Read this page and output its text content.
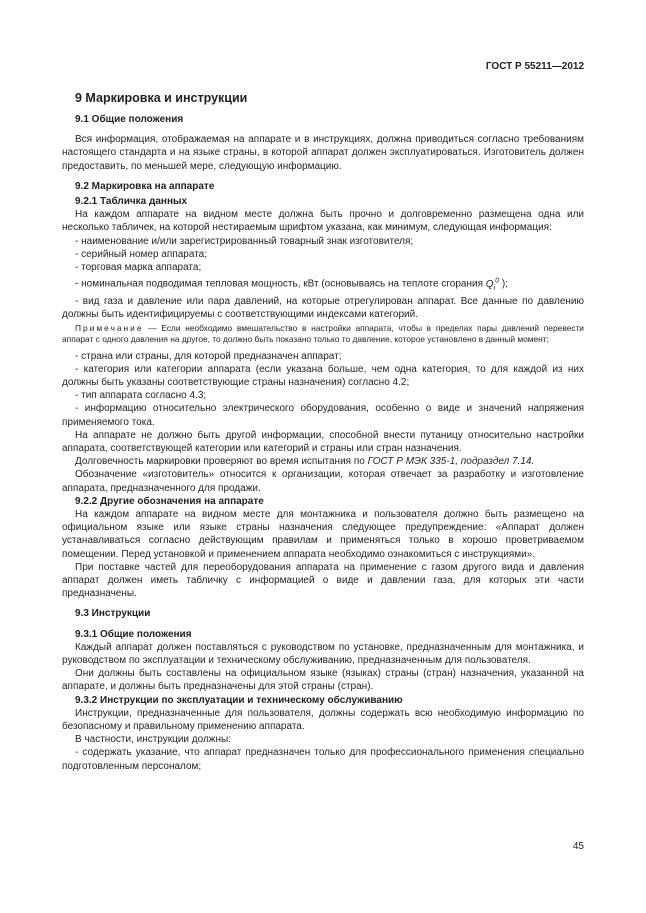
ГОСТ Р 55211—2012
9 Маркировка и инструкции
9.1 Общие положения

Вся информация, отображаемая на аппарате и в инструкциях, должна приводиться согласно требованиям настоящего стандарта и на языке страны, в которой аппарат должен эксплуатироваться. Изготовитель должен предоставить, по меньшей мере, следующую информацию.

9.2 Маркировка на аппарате
9.2.1 Табличка данных

На каждом аппарате на видном месте должна быть прочно и долговременно размещена одна или несколько табличек, на которой нестираемым шрифтом указана, как минимум, следующая информация:

- наименование и/или зарегистрированный товарный знак изготовителя;
- серийный номер аппарата;
- торговая марка аппарата;
- номинальная подводимая тепловая мощность, кВт (основываясь на теплоте сгорания $Q_i^0$ );
- вид газа и давление или пара давлений, на которые отрегулирован аппарат. Все данные по давлению должны быть идентифицируемы с соответствующими индексами категорий.

Примечание — Если необходимо вмешательство в настройки аппарата, чтобы в пределах пары давлений перевести аппарат с одного давления на другое, то должно быть показано только то давление, которое установлено в данный момент;

- страна или страны, для которой предназначен аппарат;
- категория или категории аппарата (если указана больше, чем одна категория, то для каждой из них должны быть указаны соответствующие страны назначения) согласно 4.2;
- тип аппарата согласно 4.3;
- информацию относительно электрического оборудования, особенно о виде и значений напряжения применяемого тока.

На аппарате не должно быть другой информации, способной внести путаницу относительно настройки аппарата, соответствующей категории или категорий и страны или стран назначения.

Долговечность маркировки проверяют во время испытания по ГОСТ Р МЭК 335-1, подраздел 7.14.

Обозначение «изготовитель» относится к организации, которая отвечает за разработку и изготовление аппарата, предназначенного для продажи.

9.2.2 Другие обозначения на аппарате

На каждом аппарате на видном месте для монтажника и пользователя должно быть размещено на официальном языке или языке страны назначения следующее предупреждение: «Аппарат должен устанавливаться согласно действующим правилам и применяться только в хорошо проветриваемом помещении. Перед установкой и применением аппарата необходимо ознакомиться с инструкциями».

При поставке частей для переоборудования аппарата на применение с газом другого вида и давления аппарат должен иметь табличку с информацией о виде и давлении газа, для которых эти части предназначены.

9.3 Инструкции
9.3.1 Общие положения

Каждый аппарат должен поставляться с руководством по установке, предназначенным для монтажника, и руководством по эксплуатации и техническому обслуживанию, предназначенным для пользователя.

Они должны быть составлены на официальном языке (языках) страны (стран) назначения, указанной на аппарате, и должны быть предназначены для этой страны (стран).

9.3.2 Инструкции по эксплуатации и техническому обслуживанию

Инструкции, предназначенные для пользователя, должны содержать всю необходимую информацию по безопасному и правильному применению аппарата.

В частности, инструкции должны:

- содержать указание, что аппарат предназначен только для профессионального применения специально подготовленным персоналом;
45
